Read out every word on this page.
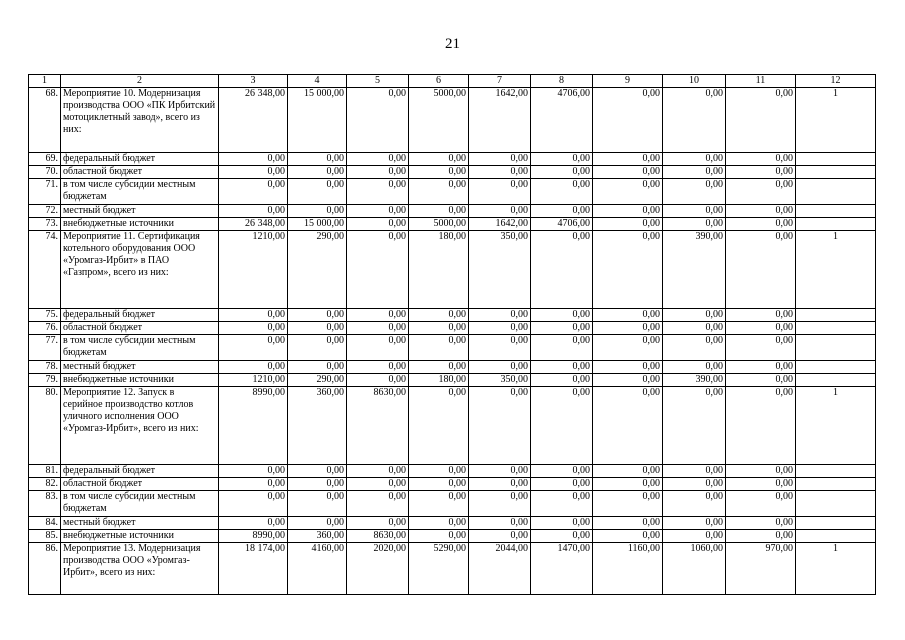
21
1	2	3	4	5	6	7	8	9	10	11	12
68.	Мероприятие 10. Модернизация производства ООО «ПК Ирбитский мотоциклетный завод», всего из них:	26 348,00	15 000,00	0,00	5000,00	1642,00	4706,00	0,00	0,00	0,00	1
69.	федеральный бюджет	0,00	0,00	0,00	0,00	0,00	0,00	0,00	0,00	0,00	
70.	областной бюджет	0,00	0,00	0,00	0,00	0,00	0,00	0,00	0,00	0,00	
71.	в том числе субсидии местным бюджетам	0,00	0,00	0,00	0,00	0,00	0,00	0,00	0,00	0,00	
72.	местный бюджет	0,00	0,00	0,00	0,00	0,00	0,00	0,00	0,00	0,00	
73.	внебюджетные источники	26 348,00	15 000,00	0,00	5000,00	1642,00	4706,00	0,00	0,00	0,00	
74.	Мероприятие 11. Сертификация котельного оборудования ООО «Уромгаз-Ирбит» в ПАО «Газпром», всего из них:	1210,00	290,00	0,00	180,00	350,00	0,00	0,00	390,00	0,00	1
75.	федеральный бюджет	0,00	0,00	0,00	0,00	0,00	0,00	0,00	0,00	0,00	
76.	областной бюджет	0,00	0,00	0,00	0,00	0,00	0,00	0,00	0,00	0,00	
77.	в том числе субсидии местным бюджетам	0,00	0,00	0,00	0,00	0,00	0,00	0,00	0,00	0,00	
78.	местный бюджет	0,00	0,00	0,00	0,00	0,00	0,00	0,00	0,00	0,00	
79.	внебюджетные источники	1210,00	290,00	0,00	180,00	350,00	0,00	0,00	390,00	0,00	
80.	Мероприятие 12. Запуск в серийное производство котлов уличного исполнения ООО «Уромгаз-Ирбит», всего из них:	8990,00	360,00	8630,00	0,00	0,00	0,00	0,00	0,00	0,00	1
81.	федеральный бюджет	0,00	0,00	0,00	0,00	0,00	0,00	0,00	0,00	0,00	
82.	областной бюджет	0,00	0,00	0,00	0,00	0,00	0,00	0,00	0,00	0,00	
83.	в том числе субсидии местным бюджетам	0,00	0,00	0,00	0,00	0,00	0,00	0,00	0,00	0,00	
84.	местный бюджет	0,00	0,00	0,00	0,00	0,00	0,00	0,00	0,00	0,00	
85.	внебюджетные источники	8990,00	360,00	8630,00	0,00	0,00	0,00	0,00	0,00	0,00	
86.	Мероприятие 13. Модернизация производства ООО «Уромгаз-Ирбит», всего из них:	18 174,00	4160,00	2020,00	5290,00	2044,00	1470,00	1160,00	1060,00	970,00	1
